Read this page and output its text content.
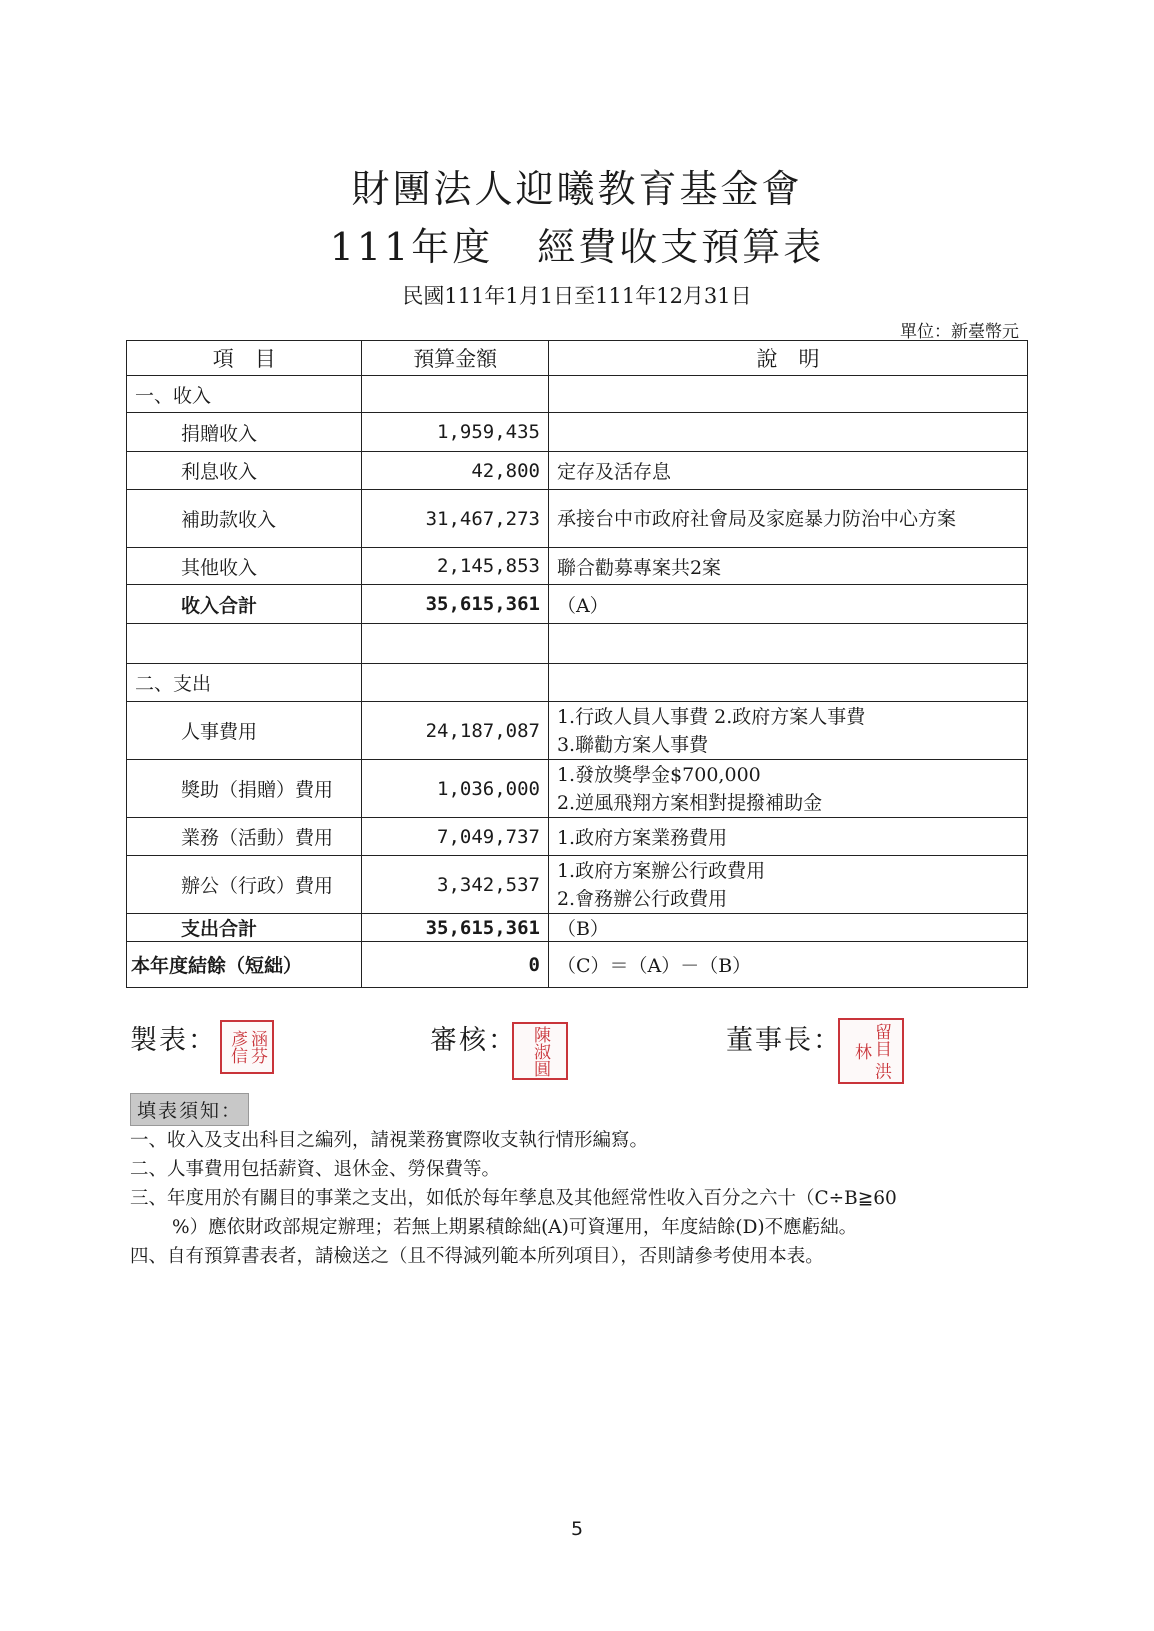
財團法人迎曦教育基金會
111年度 經費收支預算表
民國111年1月1日至111年12月31日
單位：新臺幣元
項　目	預算金額	說　明
一、收入		
捐贈收入	1,959,435	
利息收入	42,800	定存及活存息
補助款收入	31,467,273	承接台中市政府社會局及家庭暴力防治中心方案
其他收入	2,145,853	聯合勸募專案共2案
收入合計	35,615,361	（A）

二、支出		
人事費用	24,187,087	1.行政人員人事費 2.政府方案人事費
3.聯勸方案人事費

獎助（捐贈）費用	1,036,000	1.發放獎學金$700,000
2.逆風飛翔方案相對提撥補助金

業務（活動）費用	7,049,737	1.政府方案業務費用
辦公（行政）費用	3,342,537	1.政府方案辦公行政費用
2.會務辦公行政費用

支出合計	35,615,361	（B）
本年度結餘（短絀）	0	（C）＝（A）－（B）
製表：	涵芬 彥信	審核： 陳淑圓	董事長：	留目 洪林
填表須知：
一、收入及支出科目之編列，請視業務實際收支執行情形編寫。
二、人事費用包括薪資、退休金、勞保費等。
三、年度用於有關目的事業之支出，如低於每年孳息及其他經常性收入百分之六十（C÷B≧60
%）應依財政部規定辦理；若無上期累積餘絀(A)可資運用，年度結餘(D)不應虧絀。
四、自有預算書表者，請檢送之（且不得減列範本所列項目），否則請參考使用本表。
5
